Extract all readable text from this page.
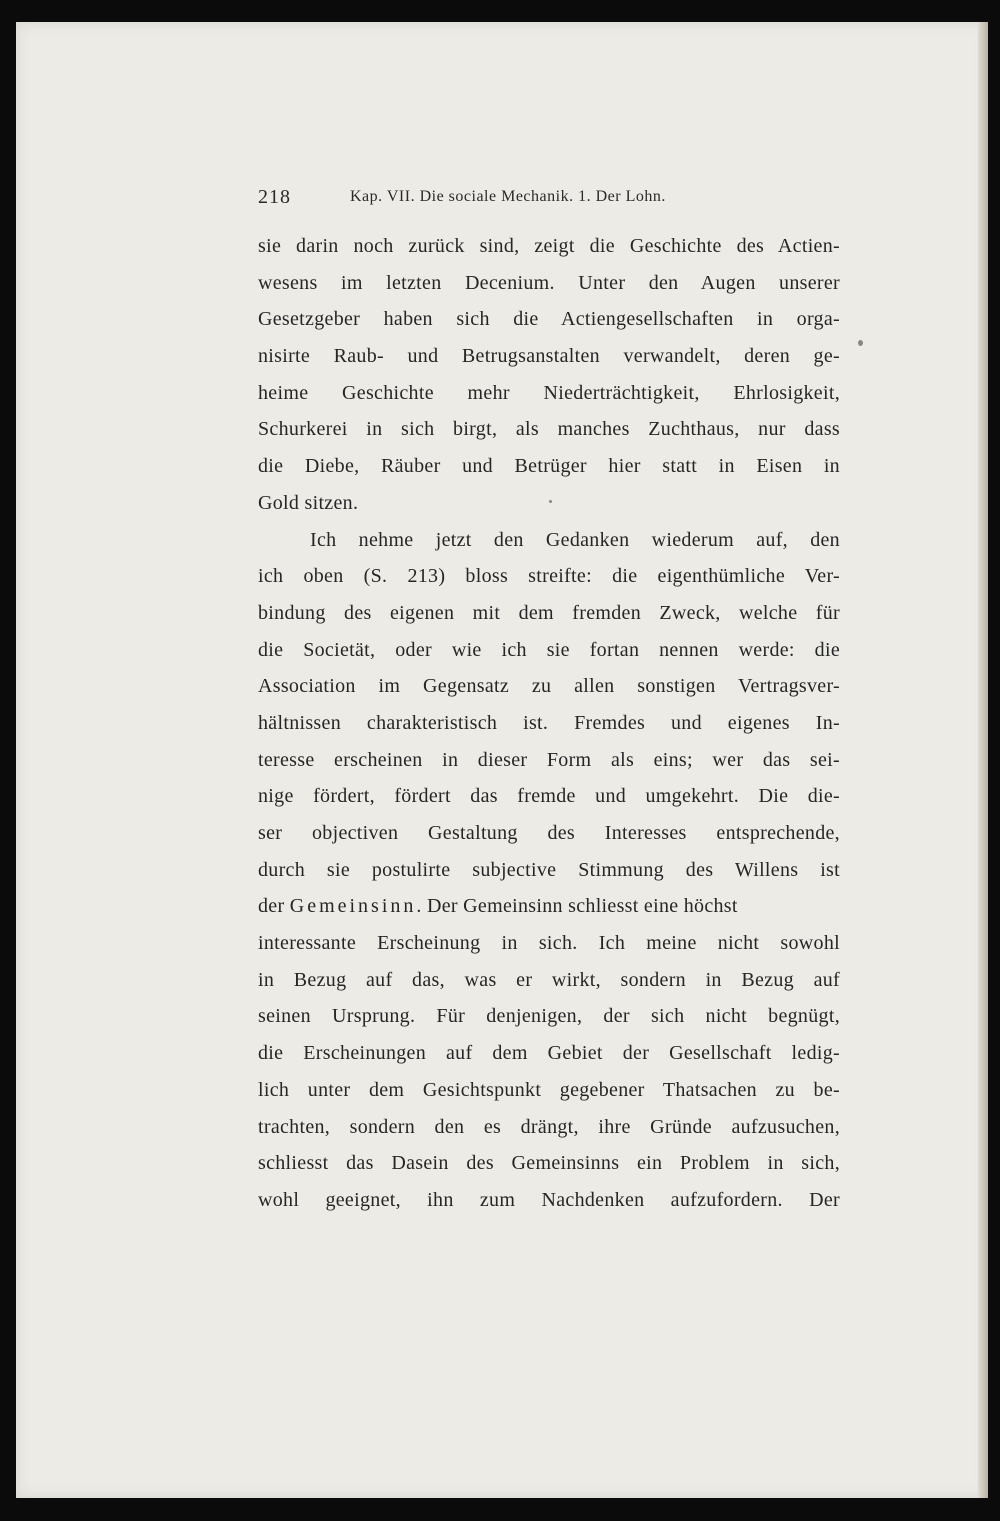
218	Kap. VII. Die sociale Mechanik. 1. Der Lohn.
sie darin noch zurück sind, zeigt die Geschichte des Actien-
wesens im letzten Decenium. Unter den Augen unserer
Gesetzgeber haben sich die Actiengesellschaften in orga-
nisirte Raub- und Betrugsanstalten verwandelt, deren ge-
heime Geschichte mehr Niederträchtigkeit, Ehrlosigkeit,
Schurkerei in sich birgt, als manches Zuchthaus, nur dass
die Diebe, Räuber und Betrüger hier statt in Eisen in
Gold sitzen.
Ich nehme jetzt den Gedanken wiederum auf, den
ich oben (S. 213) bloss streifte: die eigenthümliche Ver-
bindung des eigenen mit dem fremden Zweck, welche für
die Societät, oder wie ich sie fortan nennen werde: die
Association im Gegensatz zu allen sonstigen Vertragsver-
hältnissen charakteristisch ist. Fremdes und eigenes In-
teresse erscheinen in dieser Form als eins; wer das sei-
nige fördert, fördert das fremde und umgekehrt. Die die-
ser objectiven Gestaltung des Interesses entsprechende,
durch sie postulirte subjective Stimmung des Willens ist
der Gemeinsinn. Der Gemeinsinn schliesst eine höchst
interessante Erscheinung in sich. Ich meine nicht sowohl
in Bezug auf das, was er wirkt, sondern in Bezug auf
seinen Ursprung. Für denjenigen, der sich nicht begnügt,
die Erscheinungen auf dem Gebiet der Gesellschaft ledig-
lich unter dem Gesichtspunkt gegebener Thatsachen zu be-
trachten, sondern den es drängt, ihre Gründe aufzusuchen,
schliesst das Dasein des Gemeinsinns ein Problem in sich,
wohl geeignet, ihn zum Nachdenken aufzufordern. Der
